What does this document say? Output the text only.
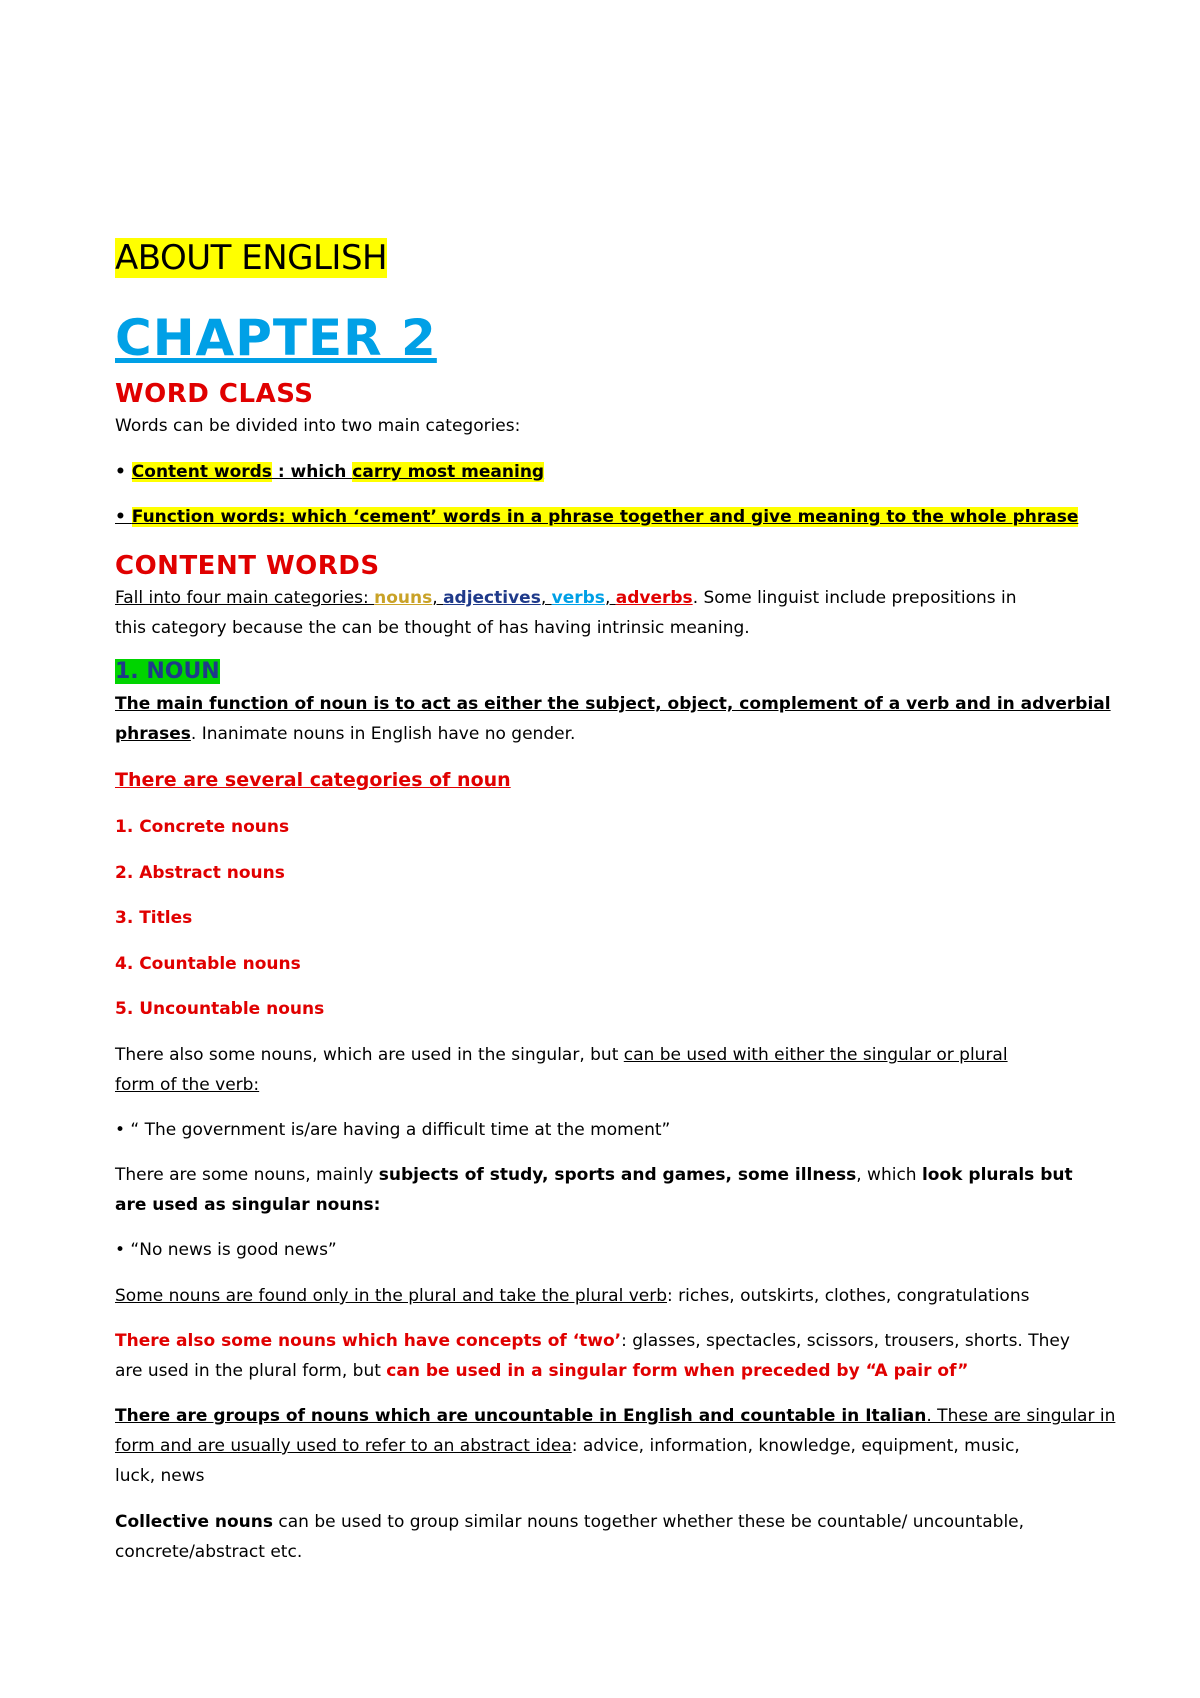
ABOUT ENGLISH
CHAPTER 2
WORD CLASS
Words can be divided into two main categories:
• Content words : which carry most meaning
• Function words: which ‘cement’ words in a phrase together and give meaning to the whole phrase
CONTENT WORDS
Fall into four main categories: nouns, adjectives, verbs, adverbs. Some linguist include prepositions in
this category because the can be thought of has having intrinsic meaning.
1. NOUN
The main function of noun is to act as either the subject, object, complement of a verb and in adverbial
phrases. Inanimate nouns in English have no gender.
There are several categories of noun
1. Concrete nouns
2. Abstract nouns
3. Titles
4. Countable nouns
5. Uncountable nouns
There also some nouns, which are used in the singular, but can be used with either the singular or plural
form of the verb:
• “ The government is/are having a difficult time at the moment”
There are some nouns, mainly subjects of study, sports and games, some illness, which look plurals but
are used as singular nouns:
• “No news is good news”
Some nouns are found only in the plural and take the plural verb: riches, outskirts, clothes, congratulations
There also some nouns which have concepts of ‘two’: glasses, spectacles, scissors, trousers, shorts. They
are used in the plural form, but can be used in a singular form when preceded by “A pair of”
There are groups of nouns which are uncountable in English and countable in Italian. These are singular in
form and are usually used to refer to an abstract idea: advice, information, knowledge, equipment, music,
luck, news
Collective nouns can be used to group similar nouns together whether these be countable/ uncountable,
concrete/abstract etc.
